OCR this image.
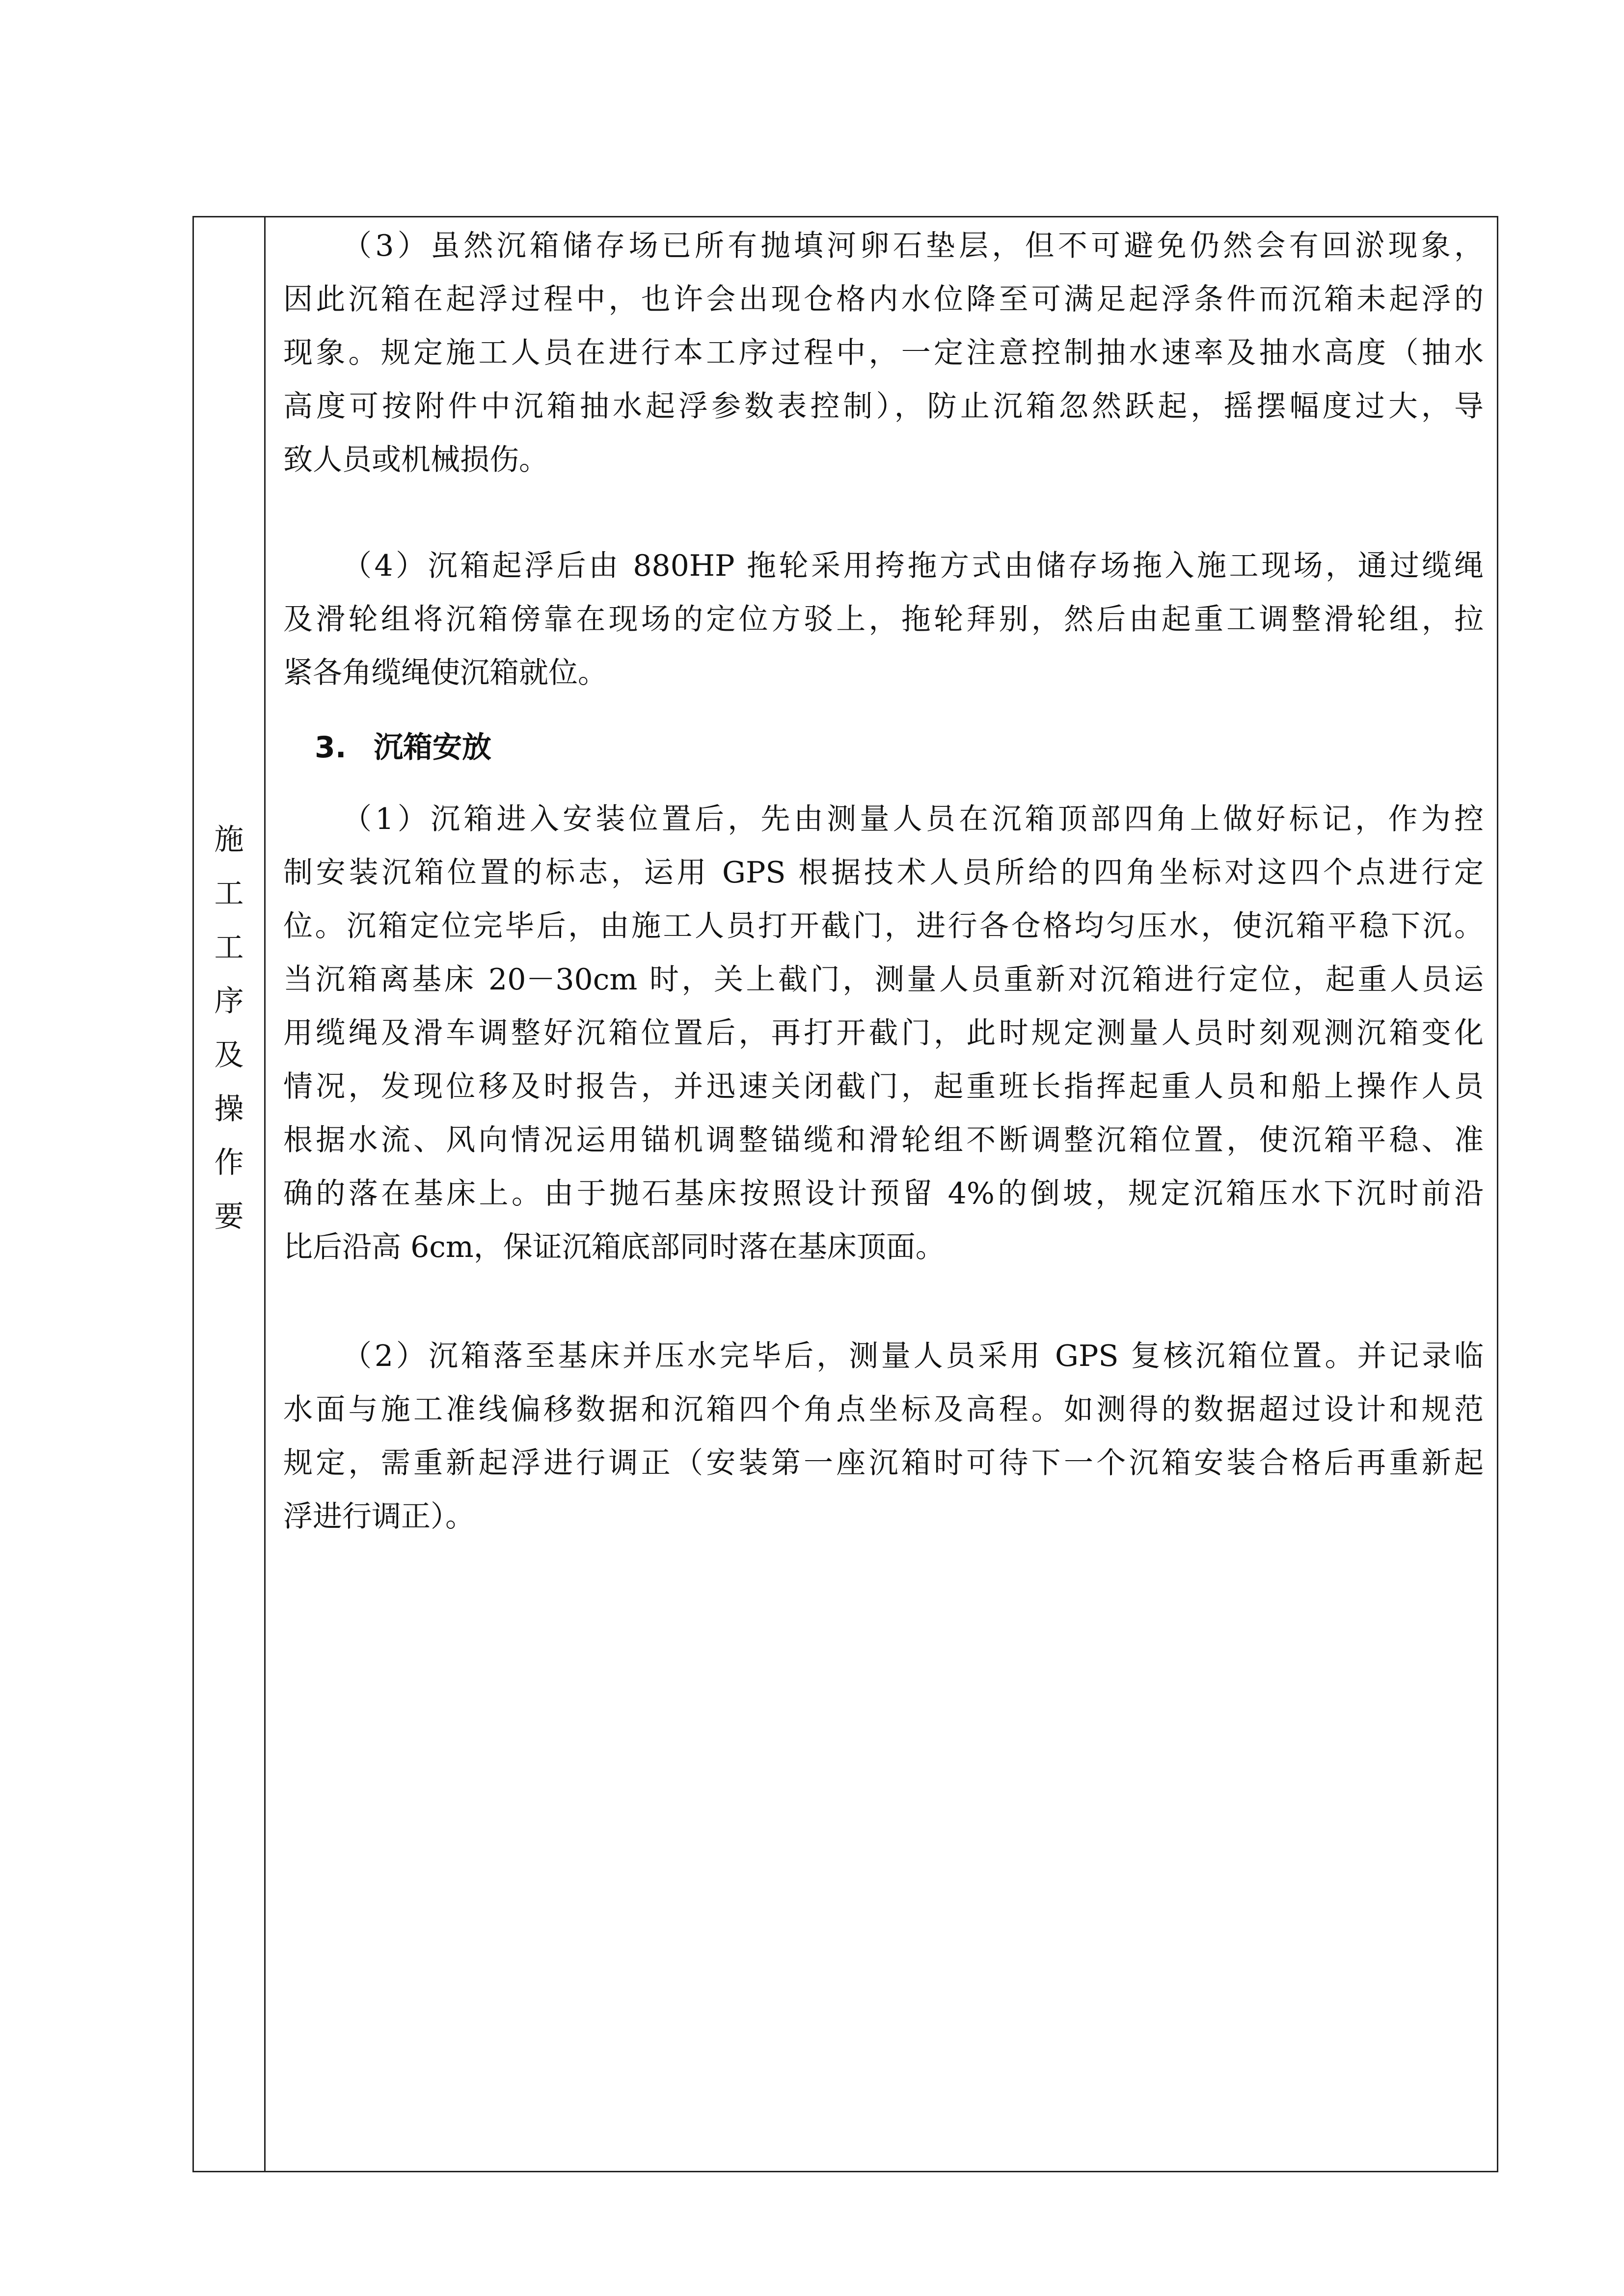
施
工
工
序
及
操
作
要
（3）虽然沉箱储存场已所有抛填河卵石垫层，但不可避免仍然会有回淤现象，
因此沉箱在起浮过程中，也许会出现仓格内水位降至可满足起浮条件而沉箱未起浮的
现象。规定施工人员在进行本工序过程中，一定注意控制抽水速率及抽水高度（抽水
高度可按附件中沉箱抽水起浮参数表控制），防止沉箱忽然跃起，摇摆幅度过大，导
致人员或机械损伤。
（4）沉箱起浮后由 880HP 拖轮采用挎拖方式由储存场拖入施工现场，通过缆绳
及滑轮组将沉箱傍靠在现场的定位方驳上，拖轮拜别，然后由起重工调整滑轮组，拉
紧各角缆绳使沉箱就位。
3. 沉箱安放
（1）沉箱进入安装位置后，先由测量人员在沉箱顶部四角上做好标记，作为控
制安装沉箱位置的标志，运用 GPS 根据技术人员所给的四角坐标对这四个点进行定
位。沉箱定位完毕后，由施工人员打开截门，进行各仓格均匀压水，使沉箱平稳下沉。
当沉箱离基床 20－30cm 时，关上截门，测量人员重新对沉箱进行定位，起重人员运
用缆绳及滑车调整好沉箱位置后，再打开截门，此时规定测量人员时刻观测沉箱变化
情况，发现位移及时报告，并迅速关闭截门，起重班长指挥起重人员和船上操作人员
根据水流、风向情况运用锚机调整锚缆和滑轮组不断调整沉箱位置，使沉箱平稳、准
确的落在基床上。由于抛石基床按照设计预留 4%的倒坡，规定沉箱压水下沉时前沿
比后沿高 6cm，保证沉箱底部同时落在基床顶面。
（2）沉箱落至基床并压水完毕后，测量人员采用 GPS 复核沉箱位置。并记录临
水面与施工准线偏移数据和沉箱四个角点坐标及高程。如测得的数据超过设计和规范
规定，需重新起浮进行调正（安装第一座沉箱时可待下一个沉箱安装合格后再重新起
浮进行调正）。
